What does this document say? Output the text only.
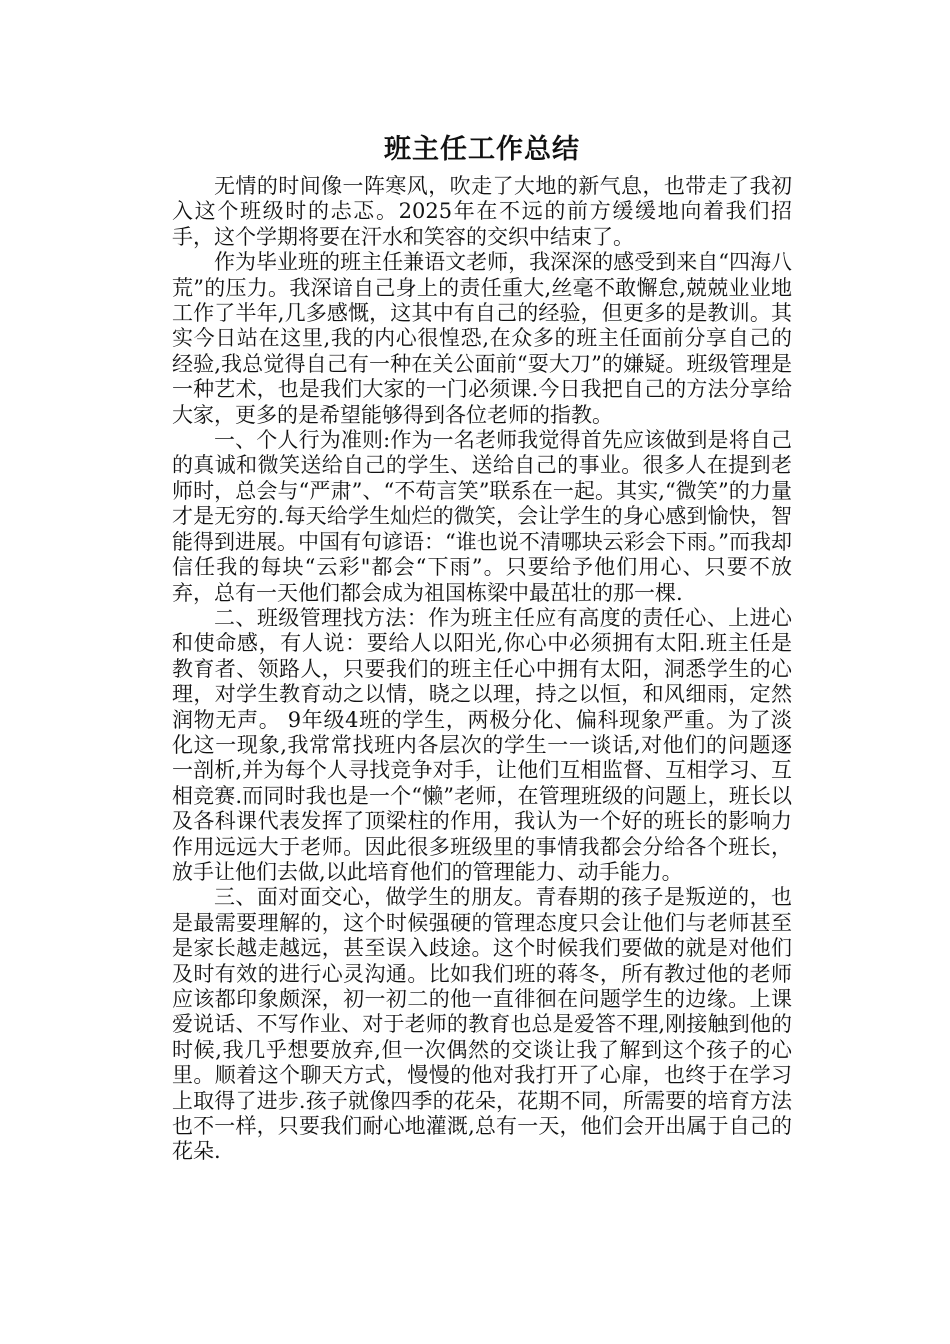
班主任工作总结

无情的时间像一阵寒风，吹走了大地的新气息，也带走了我初入这个班级时的忐忑。2025年在不远的前方缓缓地向着我们招手，这个学期将要在汗水和笑容的交织中结束了。

作为毕业班的班主任兼语文老师，我深深的感受到来自“四海八荒”的压力。我深谙自己身上的责任重大,丝毫不敢懈怠,兢兢业业地工作了半年,几多感慨，这其中有自己的经验，但更多的是教训。其实今日站在这里,我的内心很惶恐,在众多的班主任面前分享自己的经验,我总觉得自己有一种在关公面前“耍大刀”的嫌疑。班级管理是一种艺术，也是我们大家的一门必须课.今日我把自己的方法分享给大家，更多的是希望能够得到各位老师的指教。

一、个人行为准则:作为一名老师我觉得首先应该做到是将自己的真诚和微笑送给自己的学生、送给自己的事业。很多人在提到老师时，总会与“严肃”、“不苟言笑”联系在一起。其实,“微笑”的力量才是无穷的.每天给学生灿烂的微笑，会让学生的身心感到愉快，智能得到进展。中国有句谚语：“谁也说不清哪块云彩会下雨。”而我却信任我的每块“云彩"都会“下雨”。只要给予他们用心、只要不放弃，总有一天他们都会成为祖国栋梁中最茁壮的那一棵.

二、班级管理找方法：作为班主任应有高度的责任心、上进心和使命感，有人说：要给人以阳光,你心中必须拥有太阳.班主任是教育者、领路人，只要我们的班主任心中拥有太阳，洞悉学生的心理，对学生教育动之以情，晓之以理，持之以恒，和风细雨，定然润物无声。 9年级4班的学生，两极分化、偏科现象严重。为了淡化这一现象,我常常找班内各层次的学生一一谈话,对他们的问题逐一剖析,并为每个人寻找竞争对手，让他们互相监督、互相学习、互相竞赛.而同时我也是一个“懒”老师，在管理班级的问题上，班长以及各科课代表发挥了顶梁柱的作用，我认为一个好的班长的影响力作用远远大于老师。因此很多班级里的事情我都会分给各个班长，放手让他们去做,以此培育他们的管理能力、动手能力。

三、面对面交心，做学生的朋友。青春期的孩子是叛逆的，也是最需要理解的，这个时候强硬的管理态度只会让他们与老师甚至是家长越走越远，甚至误入歧途。这个时候我们要做的就是对他们及时有效的进行心灵沟通。比如我们班的蒋冬，所有教过他的老师应该都印象颇深，初一初二的他一直徘徊在问题学生的边缘。上课爱说话、不写作业、对于老师的教育也总是爱答不理,刚接触到他的时候,我几乎想要放弃,但一次偶然的交谈让我了解到这个孩子的心里。顺着这个聊天方式，慢慢的他对我打开了心扉，也终于在学习上取得了进步.孩子就像四季的花朵，花期不同，所需要的培育方法也不一样，只要我们耐心地灌溉,总有一天，他们会开出属于自己的花朵.
